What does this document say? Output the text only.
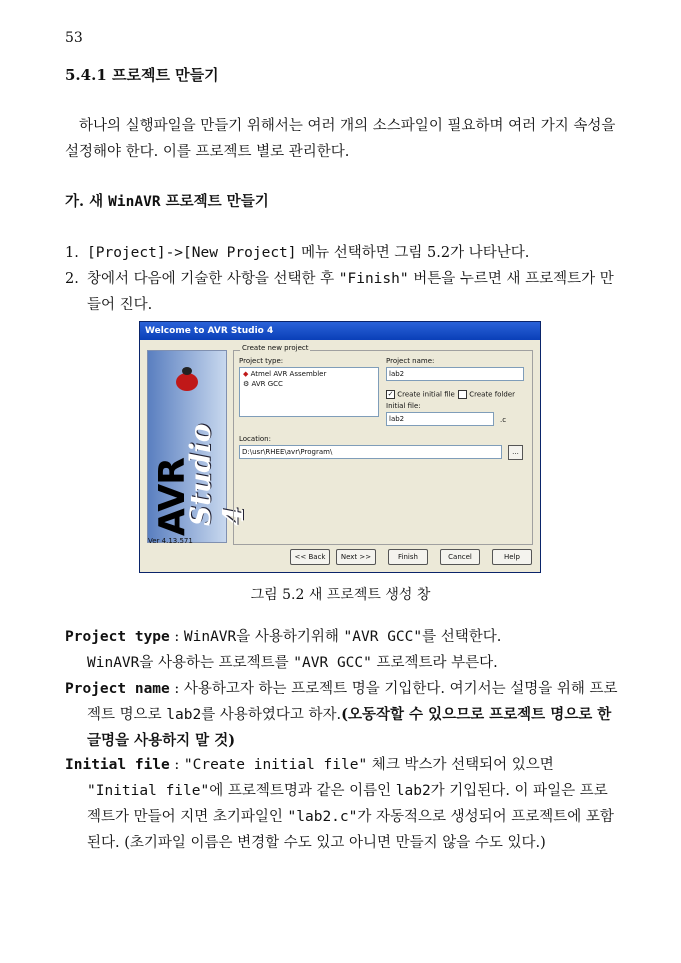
53
5.4.1 프로젝트 만들기
하나의 실행파일을 만들기 위해서는 여러 개의 소스파일이 필요하며 여러 가지 속성을 설정해야 한다. 이를 프로젝트 별로 관리한다.
가. 새 WinAVR 프로젝트 만들기
1. [Project]->[New Project] 메뉴 선택하면 그림 5.2가 나타난다.
2. 창에서 다음에 기술한 사항을 선택한 후 "Finish" 버튼을 누르면 새 프로젝트가 만들어 진다.
Welcome to AVR Studio 4
AVR
Studio 4
Create new project
Project type:
◆ Atmel AVR Assembler
⚙ AVR GCC
Project name:
lab2
✓ Create initial file	Create folder
Initial file:
lab2	.c
Location:
D:\usr\RHEE\avr\Program\	...
Ver 4.13.571
<< Back	Next >>	Finish	Cancel	Help
그림 5.2 새 프로젝트 생성 창
Project type : WinAVR을 사용하기위해 "AVR GCC"를 선택한다.
WinAVR을 사용하는 프로젝트를 "AVR GCC" 프로젝트라 부른다.
Project name : 사용하고자 하는 프로젝트 명을 기입한다. 여기서는 설명을 위해 프로젝트 명으로 lab2를 사용하였다고 하자.(오동작할 수 있으므로 프로젝트 명으로 한글명을 사용하지 말 것)
Initial file : "Create initial file" 체크 박스가 선택되어 있으면 "Initial file"에 프로젝트명과 같은 이름인 lab2가 기입된다. 이 파일은 프로젝트가 만들어 지면 초기파일인 "lab2.c"가 자동적으로 생성되어 프로젝트에 포함된다. (초기파일 이름은 변경할 수도 있고 아니면 만들지 않을 수도 있다.)
